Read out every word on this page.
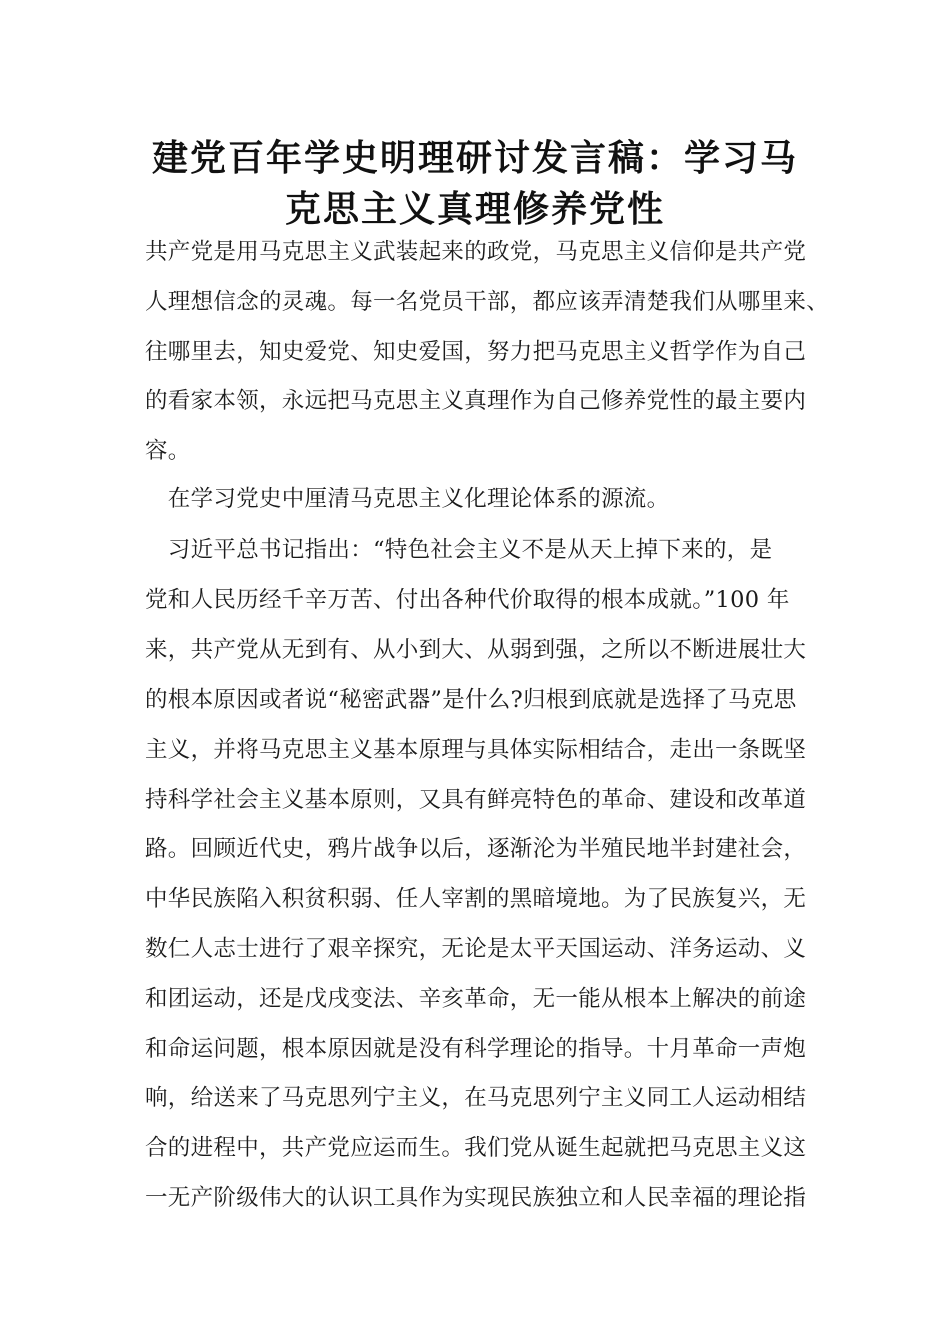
建党百年学史明理研讨发言稿：学习马
克思主义真理修养党性
共产党是用马克思主义武装起来的政党，马克思主义信仰是共产党
人理想信念的灵魂。每一名党员干部，都应该弄清楚我们从哪里来、
往哪里去，知史爱党、知史爱国，努力把马克思主义哲学作为自己
的看家本领，永远把马克思主义真理作为自己修养党性的最主要内
容。
　在学习党史中厘清马克思主义化理论体系的源流。
　习近平总书记指出：“特色社会主义不是从天上掉下来的，是
党和人民历经千辛万苦、付出各种代价取得的根本成就。”100 年
来，共产党从无到有、从小到大、从弱到强，之所以不断进展壮大
的根本原因或者说“秘密武器”是什么?归根到底就是选择了马克思
主义，并将马克思主义基本原理与具体实际相结合，走出一条既坚
持科学社会主义基本原则，又具有鲜亮特色的革命、建设和改革道
路。回顾近代史，鸦片战争以后，逐渐沦为半殖民地半封建社会，
中华民族陷入积贫积弱、任人宰割的黑暗境地。为了民族复兴，无
数仁人志士进行了艰辛探究，无论是太平天国运动、洋务运动、义
和团运动，还是戊戌变法、辛亥革命，无一能从根本上解决的前途
和命运问题，根本原因就是没有科学理论的指导。十月革命一声炮
响，给送来了马克思列宁主义，在马克思列宁主义同工人运动相结
合的进程中，共产党应运而生。我们党从诞生起就把马克思主义这
一无产阶级伟大的认识工具作为实现民族独立和人民幸福的理论指
